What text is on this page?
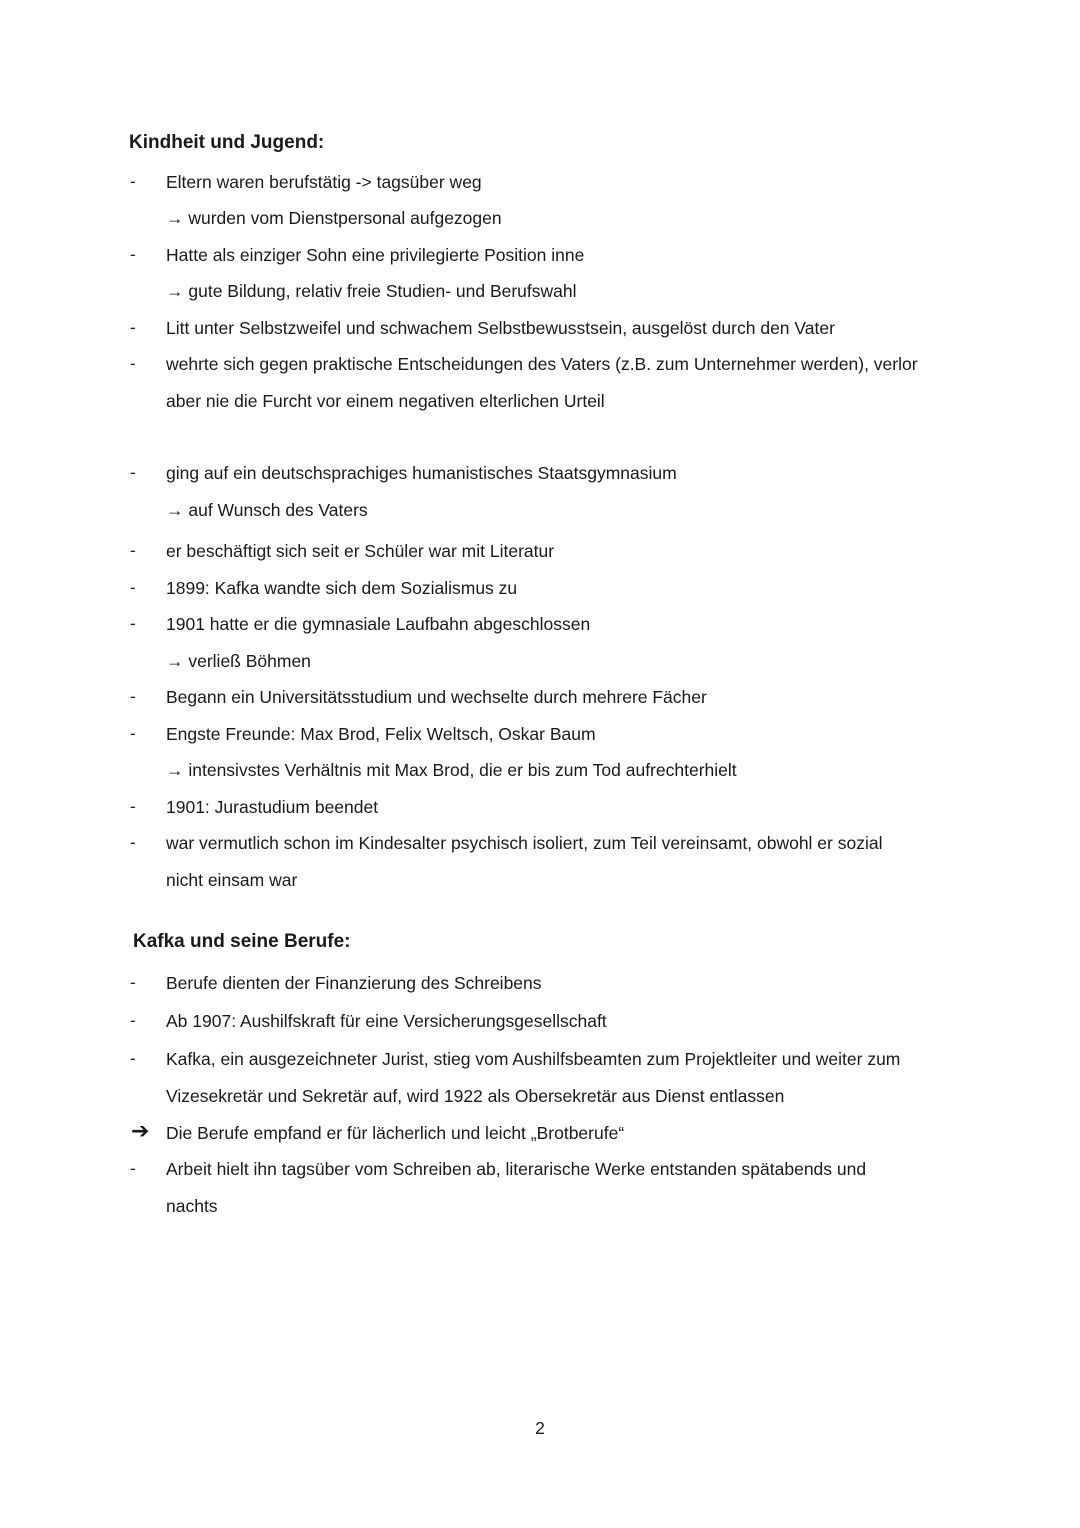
Kindheit und Jugend:
-	Eltern waren berufstätig -> tagsüber weg
→ wurden vom Dienstpersonal aufgezogen
-	Hatte als einziger Sohn eine privilegierte Position inne
→ gute Bildung, relativ freie Studien- und Berufswahl
-	Litt unter Selbstzweifel und schwachem Selbstbewusstsein, ausgelöst durch den Vater
-	wehrte sich gegen praktische Entscheidungen des Vaters (z.B. zum Unternehmer werden), verlor
aber nie die Furcht vor einem negativen elterlichen Urteil
-	ging auf ein deutschsprachiges humanistisches Staatsgymnasium
→ auf Wunsch des Vaters
-	er beschäftigt sich seit er Schüler war mit Literatur
-	1899: Kafka wandte sich dem Sozialismus zu
-	1901 hatte er die gymnasiale Laufbahn abgeschlossen
→ verließ Böhmen
-	Begann ein Universitätsstudium und wechselte durch mehrere Fächer
-	Engste Freunde: Max Brod, Felix Weltsch, Oskar Baum
→ intensivstes Verhältnis mit Max Brod, die er bis zum Tod aufrechterhielt
-	1901: Jurastudium beendet
-	war vermutlich schon im Kindesalter psychisch isoliert, zum Teil vereinsamt, obwohl er sozial
nicht einsam war
Kafka und seine Berufe:
-	Berufe dienten der Finanzierung des Schreibens
-	Ab 1907: Aushilfskraft für eine Versicherungsgesellschaft
-	Kafka, ein ausgezeichneter Jurist, stieg vom Aushilfsbeamten zum Projektleiter und weiter zum
Vizesekretär und Sekretär auf, wird 1922 als Obersekretär aus Dienst entlassen
➔ Die Berufe empfand er für lächerlich und leicht „Brotberufe“
-	Arbeit hielt ihn tagsüber vom Schreiben ab, literarische Werke entstanden spätabends und
nachts
2
